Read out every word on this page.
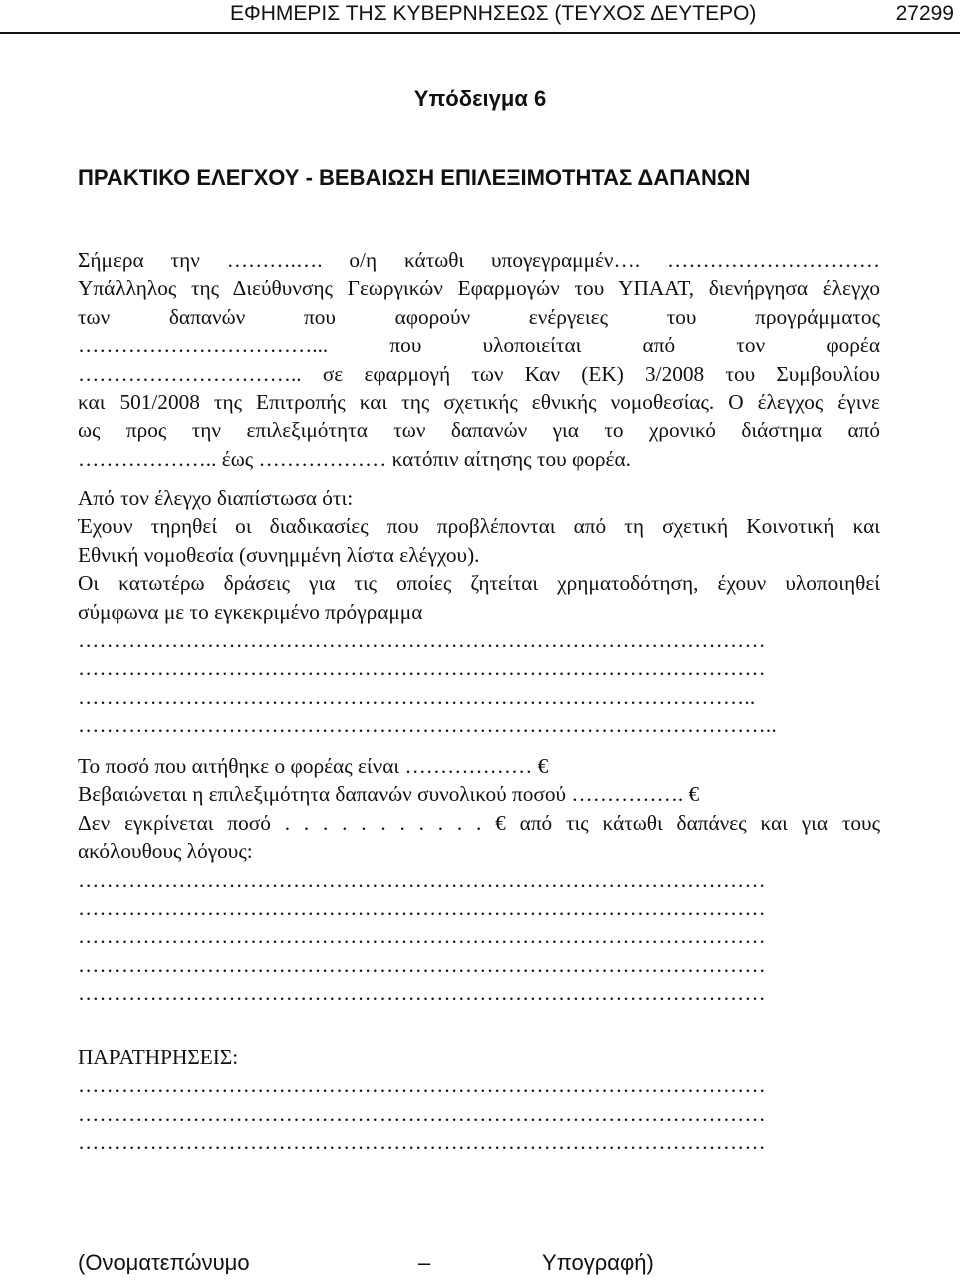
ΕΦΗΜΕΡΙΣ ΤΗΣ ΚΥΒΕΡΝΗΣΕΩΣ (ΤΕΥΧΟΣ ΔΕΥΤΕΡΟ)	27299
Υπόδειγμα 6
ΠΡΑΚΤΙΚΟ ΕΛΕΓΧΟΥ - ΒΕΒΑΙΩΣΗ ΕΠΙΛΕΞΙΜΟΤΗΤΑΣ ΔΑΠΑΝΩΝ
Σήμερα την ……….…. ο/η κάτωθι υπογεγραμμέν…. …………………………
Υπάλληλος της Διεύθυνσης Γεωργικών Εφαρμογών του ΥΠΑΑΤ, διενήργησα έλεγχο
των δαπανών που αφορούν ενέργειες του προγράμματος
……………………………... που υλοποιείται από τον φορέα
………………………….. σε εφαρμογή των Καν (ΕΚ) 3/2008 του Συμβουλίου
και 501/2008 της Επιτροπής και της σχετικής εθνικής νομοθεσίας. Ο έλεγχος έγινε
ως προς την επιλεξιμότητα των δαπανών για το χρονικό διάστημα από
……………….. έως ……………… κατόπιν αίτησης του φορέα.
Από τον έλεγχο διαπίστωσα ότι:
Έχουν τηρηθεί οι διαδικασίες που προβλέπονται από τη σχετική Κοινοτική και
Εθνική νομοθεσία (συνημμένη λίστα ελέγχου).
Οι κατωτέρω δράσεις για τις οποίες ζητείται χρηματοδότηση, έχουν υλοποιηθεί
σύμφωνα με το εγκεκριμένο πρόγραμμα
……………………………………………………………………………………
……………………………………………………………………………………
…………………………………………………………………………………..
……………………………………………………………………………………..
Το ποσό που αιτήθηκε ο φορέας είναι ……………… €
Βεβαιώνεται η επιλεξιμότητα δαπανών συνολικού ποσού ……………. €
Δεν εγκρίνεται ποσό . . . . . . . . . . . € από τις κάτωθι δαπάνες και για τους
ακόλουθους λόγους:
……………………………………………………………………………………
……………………………………………………………………………………
……………………………………………………………………………………
……………………………………………………………………………………
……………………………………………………………………………………
ΠΑΡΑΤΗΡΗΣΕΙΣ:
……………………………………………………………………………………
……………………………………………………………………………………
……………………………………………………………………………………
(Ονοματεπώνυμο	–	Υπογραφή)
